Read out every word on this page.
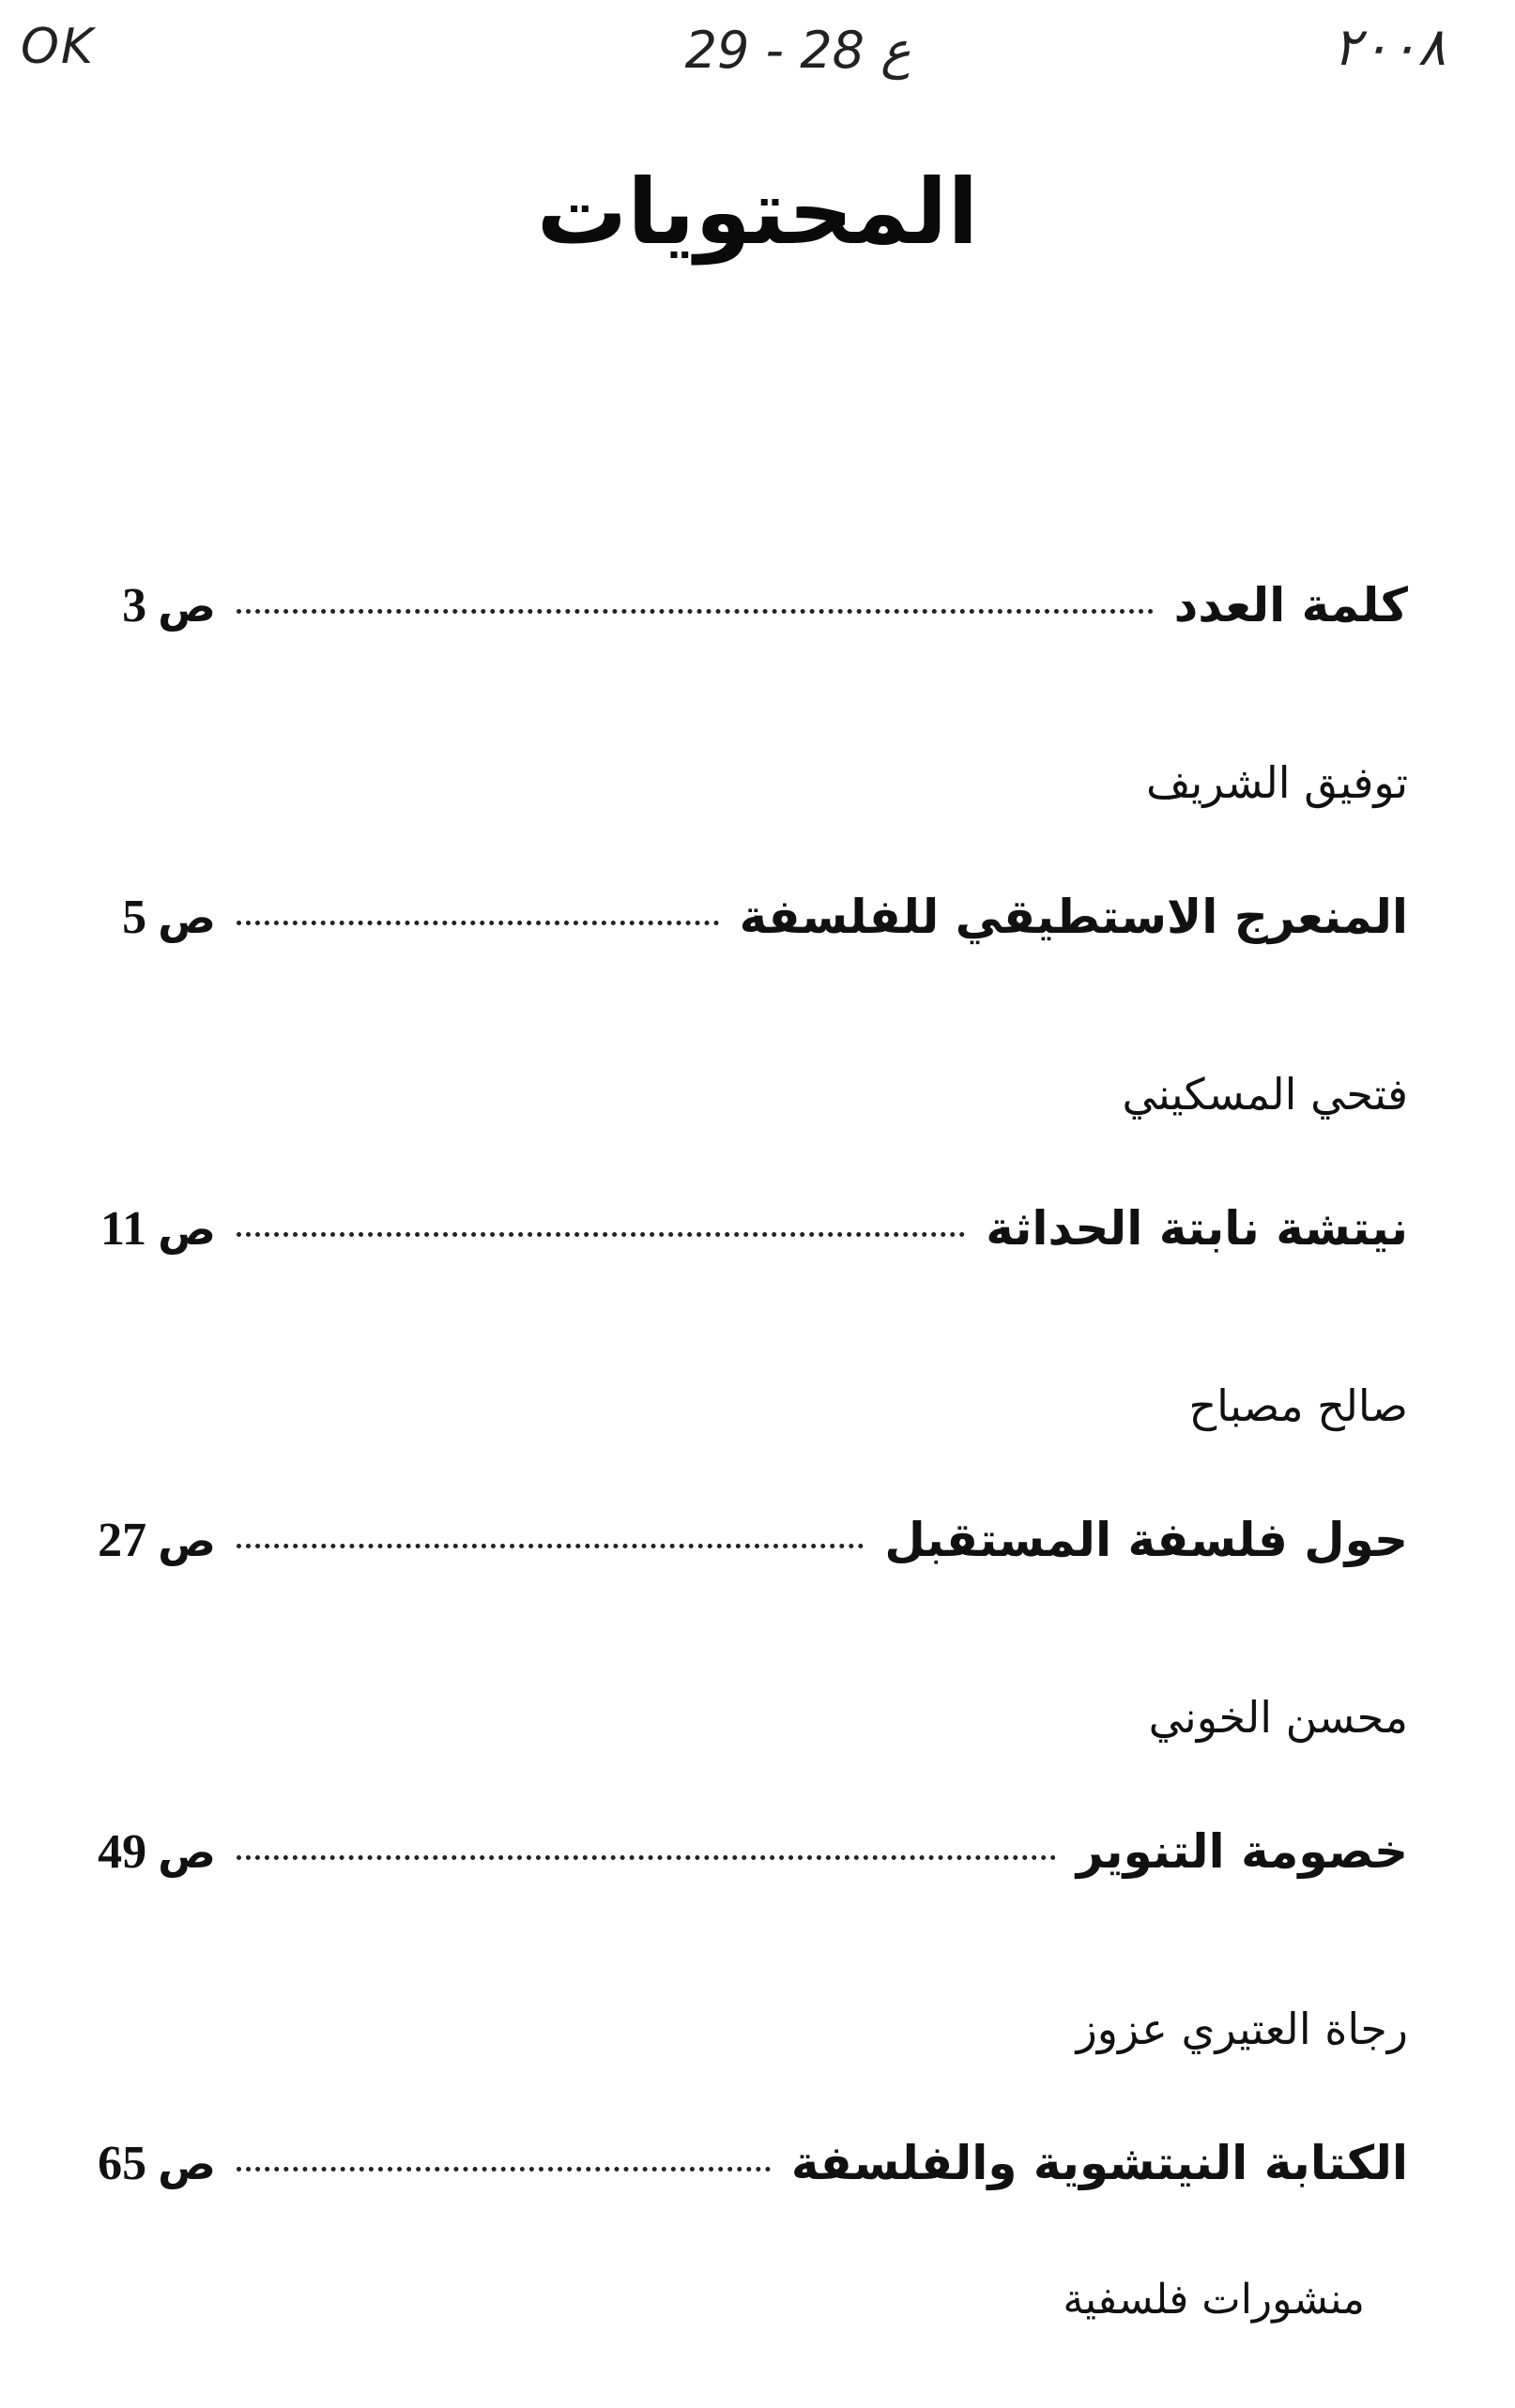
OK	ع 28 - 29	٢٠٠٨
المحتويات
كلمة العدد
ص
3
توفيق الشريف
المنعرج الاستطيقي للفلسفة
ص
5
فتحي المسكيني
نيتشة نابتة الحداثة
ص
11
صالح مصباح
حول فلسفة المستقبل
ص
27
محسن الخوني
خصومة التنوير
ص
49
رجاة العتيري عزوز
الكتابة النيتشوية والفلسفة
ص
65
منشورات فلسفية
